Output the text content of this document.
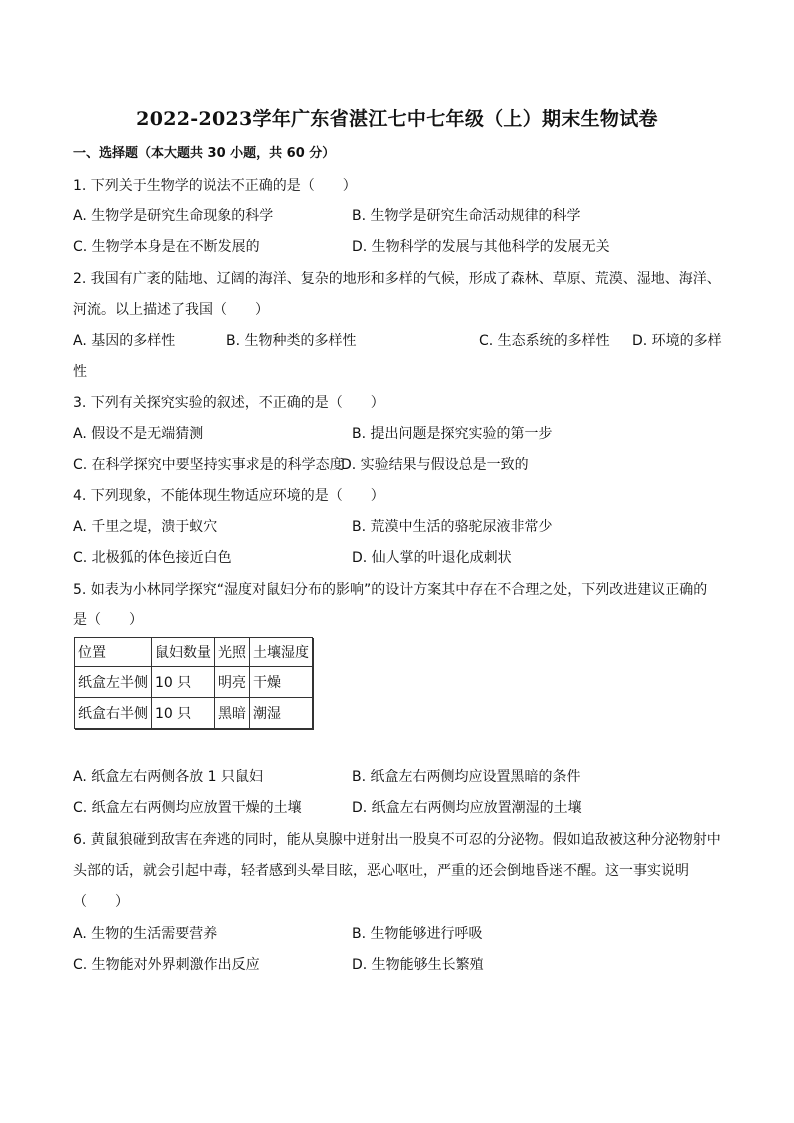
2022-2023学年广东省湛江七中七年级（上）期末生物试卷
一、选择题（本大题共 30 小题，共 60 分）
1. 下列关于生物学的说法不正确的是（　　）
A. 生物学是研究生命现象的科学	B. 生物学是研究生命活动规律的科学
C. 生物学本身是在不断发展的	D. 生物科学的发展与其他科学的发展无关
2. 我国有广袤的陆地、辽阔的海洋、复杂的地形和多样的气候，形成了森林、草原、荒漠、湿地、海洋、
河流。以上描述了我国（　　）
A. 基因的多样性	B. 生物种类的多样性	C. 生态系统的多样性 D. 环境的多样
性
3. 下列有关探究实验的叙述，不正确的是（　　）
A. 假设不是无端猜测	B. 提出问题是探究实验的第一步
C. 在科学探究中要坚持实事求是的科学态度
D. 实验结果与假设总是一致的
4. 下列现象，不能体现生物适应环境的是（　　）
A. 千里之堤，溃于蚁穴	B. 荒漠中生活的骆驼尿液非常少
C. 北极狐的体色接近白色	D. 仙人掌的叶退化成刺状
5. 如表为小林同学探究“湿度对鼠妇分布的影响”的设计方案其中存在不合理之处，下列改进建议正确的
是（　　）
位置	鼠妇数量	光照	土壤湿度
纸盒左半侧	10 只	明亮	干燥
纸盒右半侧	10 只	黑暗	潮湿
A. 纸盒左右两侧各放 1 只鼠妇	B. 纸盒左右两侧均应设置黑暗的条件
C. 纸盒左右两侧均应放置干燥的土壤	D. 纸盒左右两侧均应放置潮湿的土壤
6. 黄鼠狼碰到敌害在奔逃的同时，能从臭腺中迸射出一股臭不可忍的分泌物。假如追敌被这种分泌物射中
头部的话，就会引起中毒，轻者感到头晕目眩，恶心呕吐，严重的还会倒地昏迷不醒。这一事实说明
（　　）
A. 生物的生活需要营养	B. 生物能够进行呼吸
C. 生物能对外界刺激作出反应	D. 生物能够生长繁殖
